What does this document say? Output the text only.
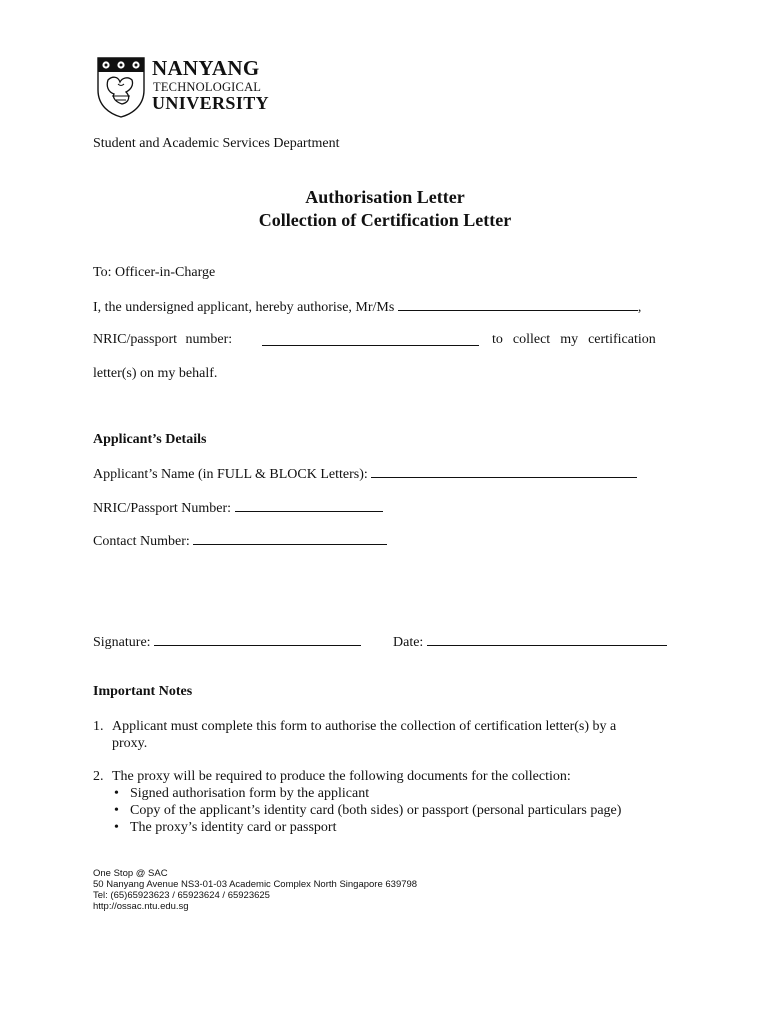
NANYANG
TECHNOLOGICAL
UNIVERSITY
Student and Academic Services Department
Authorisation Letter
Collection of Certification Letter
To: Officer-in-Charge
I, the undersigned applicant, hereby authorise, Mr/Ms	,
NRIC/passport number:	to collect my certification
letter(s) on my behalf.
Applicant’s Details
Applicant’s Name (in FULL & BLOCK Letters):
NRIC/Passport Number:
Contact Number:
Signature:	Date:
Important Notes
1. Applicant must complete this form to authorise the collection of certification letter(s) by a
proxy.
2. The proxy will be required to produce the following documents for the collection:
• Signed authorisation form by the applicant
• Copy of the applicant’s identity card (both sides) or passport (personal particulars page)
• The proxy’s identity card or passport
One Stop @ SAC
50 Nanyang Avenue NS3-01-03 Academic Complex North Singapore 639798
Tel: (65)65923623 / 65923624 / 65923625
http://ossac.ntu.edu.sg
